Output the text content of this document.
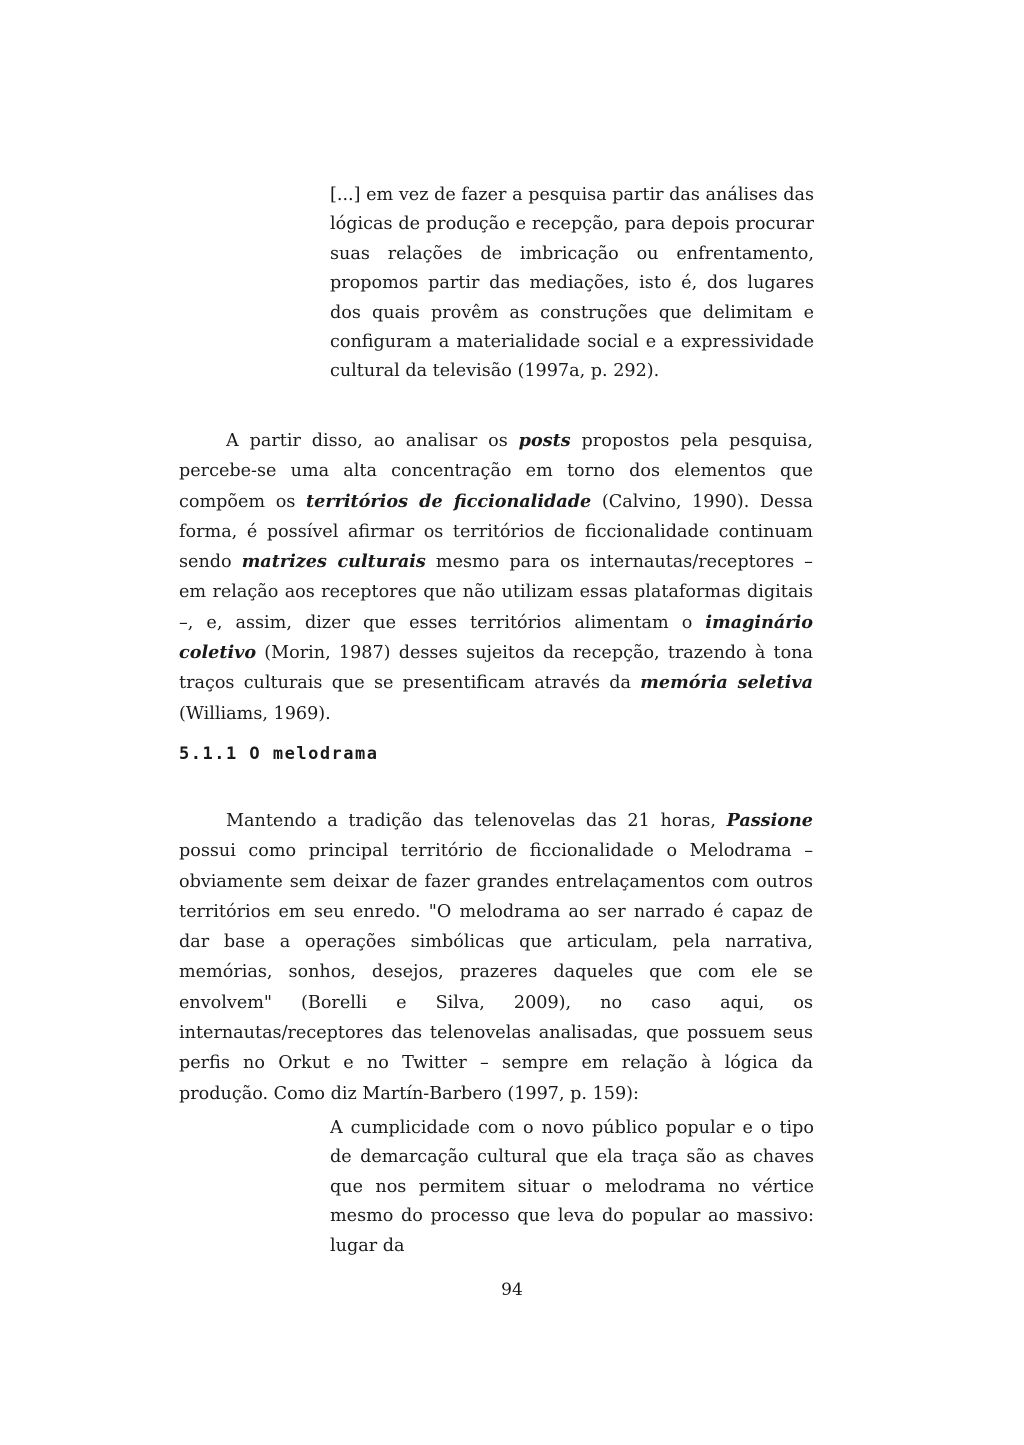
[...] em vez de fazer a pesquisa partir das análises das lógicas de produção e recepção, para depois procurar suas relações de imbricação ou enfrentamento, propomos partir das mediações, isto é, dos lugares dos quais provêm as construções que delimitam e configuram a materialidade social e a expressividade cultural da televisão (1997a, p. 292).

A partir disso, ao analisar os posts propostos pela pesquisa, percebe-se uma alta concentração em torno dos elementos que compõem os territórios de ficcionalidade (Calvino, 1990). Dessa forma, é possível afirmar os territórios de ficcionalidade continuam sendo matrizes culturais mesmo para os internautas/receptores – em relação aos receptores que não utilizam essas plataformas digitais –, e, assim, dizer que esses territórios alimentam o imaginário coletivo (Morin, 1987) desses sujeitos da recepção, trazendo à tona traços culturais que se presentificam através da memória seletiva (Williams, 1969).

5.1.1 O melodrama

Mantendo a tradição das telenovelas das 21 horas, Passione possui como principal território de ficcionalidade o Melodrama – obviamente sem deixar de fazer grandes entrelaçamentos com outros territórios em seu enredo. "O melodrama ao ser narrado é capaz de dar base a operações simbólicas que articulam, pela narrativa, memórias, sonhos, desejos, prazeres daqueles que com ele se envolvem" (Borelli e Silva, 2009), no caso aqui, os internautas/receptores das telenovelas analisadas, que possuem seus perfis no Orkut e no Twitter – sempre em relação à lógica da produção. Como diz Martín-Barbero (1997, p. 159):

A cumplicidade com o novo público popular e o tipo de demarcação cultural que ela traça são as chaves que nos permitem situar o melodrama no vértice mesmo do processo que leva do popular ao massivo: lugar da

94
